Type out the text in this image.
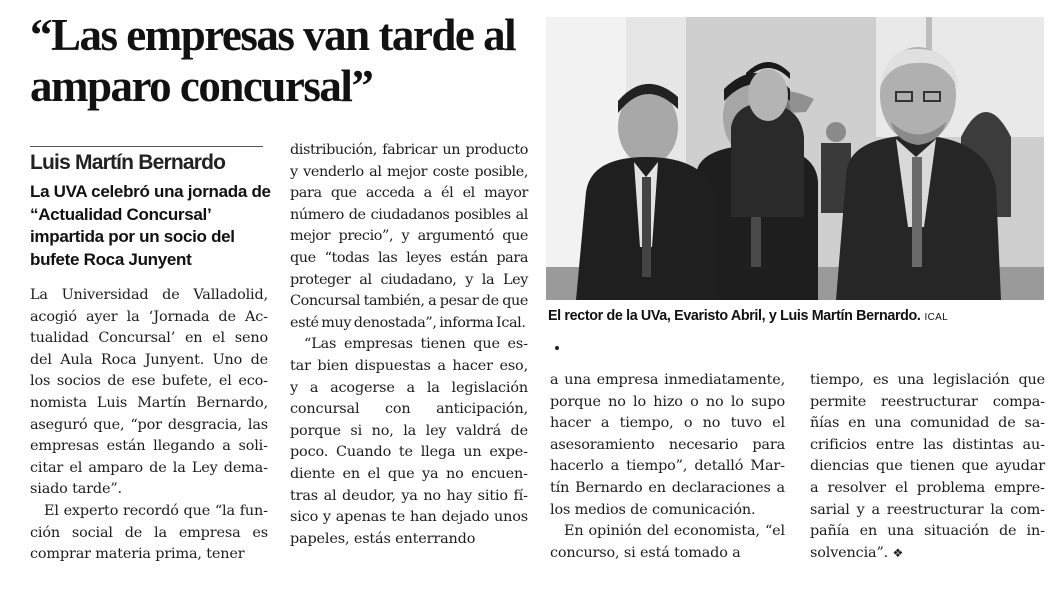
“Las empresas van tarde al amparo concursal”
Luis Martín Bernardo
La UVA celebró una jornada de “Actualidad Concursal’ impartida por un socio del bufete Roca Junyent

La Universidad de Valladolid, acogió ayer la ‘Jornada de Actualidad Concursal’ en el seno del Aula Roca Junyent. Uno de los socios de ese bufete, el economista Luis Martín Bernardo, aseguró que, “por desgracia, las empresas están llegando a solicitar el amparo de la Ley demasiado tarde”.

El experto recordó que “la función social de la empresa es comprar materia prima, tener

distribución, fabricar un producto y venderlo al mejor coste posible, para que acceda a él el mayor número de ciudadanos posibles al mejor precio”, y argumentó que que “todas las leyes están para proteger al ciudadano, y la Ley Concursal también, a pesar de que esté muy denostada”, informa Ical.

“Las empresas tienen que estar bien dispuestas a hacer eso, y a acogerse a la legislación concursal con anticipación, porque si no, la ley valdrá de poco. Cuando te llega un expediente en el que ya no encuentras al deudor, ya no hay sitio físico y apenas te han dejado unos papeles, estás enterrando

El rector de la UVa, Evaristo Abril, y Luis Martín Bernardo. ICAL

a una empresa inmediatamente, porque no lo hizo o no lo supo hacer a tiempo, o no tuvo el asesoramiento necesario para hacerlo a tiempo”, detalló Martín Bernardo en declaraciones a los medios de comunicación.

En opinión del economista, “el concurso, si está tomado a

tiempo, es una legislación que permite reestructurar compañías en una comunidad de sacrificios entre las distintas audiencias que tienen que ayudar a resolver el problema empresarial y a reestructurar la compañía en una situación de insolvencia”. ❖
